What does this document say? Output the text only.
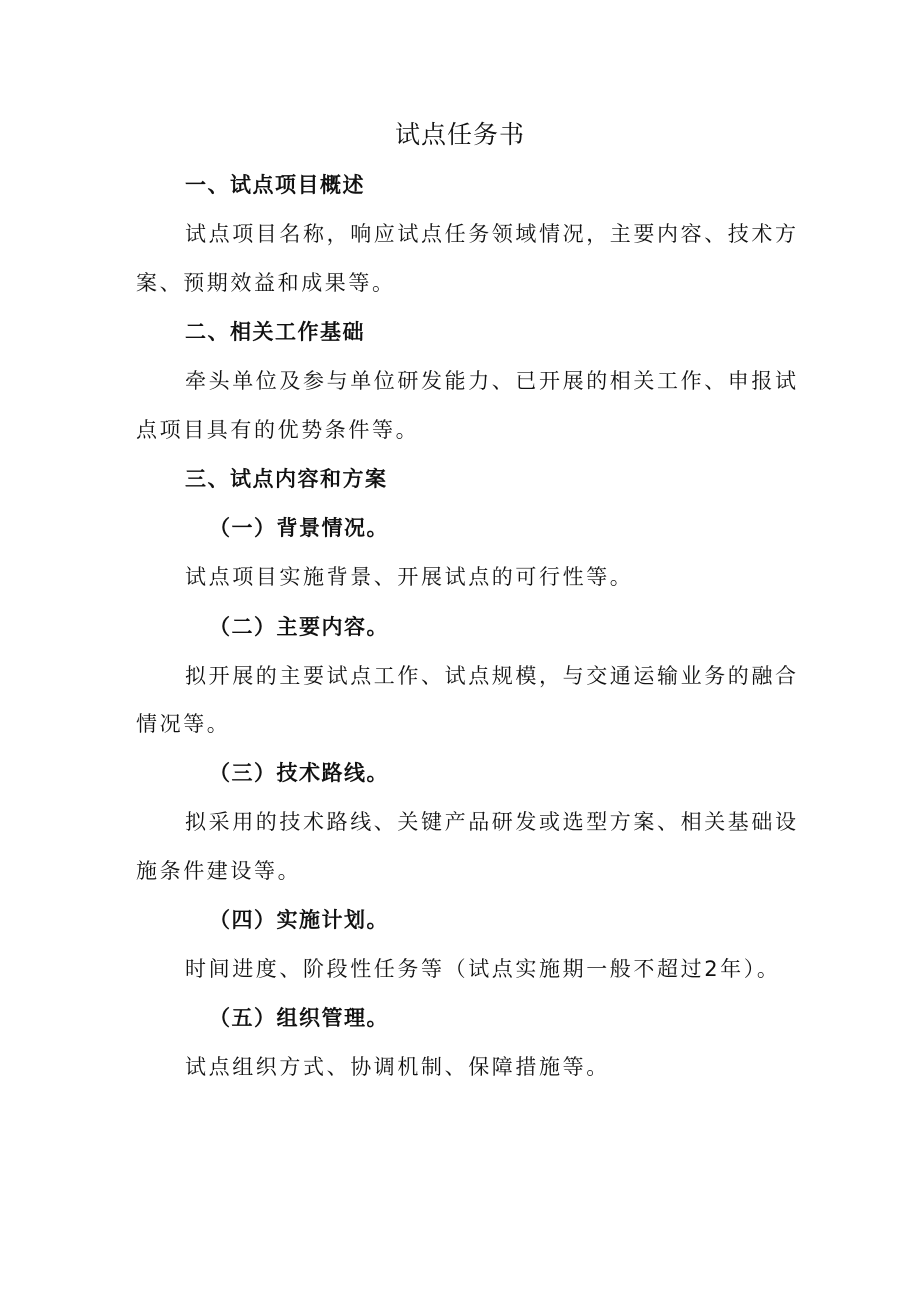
试点任务书
一、试点项目概述
试点项目名称，响应试点任务领域情况，主要内容、技术方
案、预期效益和成果等。
二、相关工作基础
牵头单位及参与单位研发能力、已开展的相关工作、申报试
点项目具有的优势条件等。
三、试点内容和方案
（一）背景情况。
试点项目实施背景、开展试点的可行性等。
（二）主要内容。
拟开展的主要试点工作、试点规模，与交通运输业务的融合
情况等。
（三）技术路线。
拟采用的技术路线、关键产品研发或选型方案、相关基础设
施条件建设等。
（四）实施计划。
时间进度、阶段性任务等（试点实施期一般不超过2年）。
（五）组织管理。
试点组织方式、协调机制、保障措施等。
